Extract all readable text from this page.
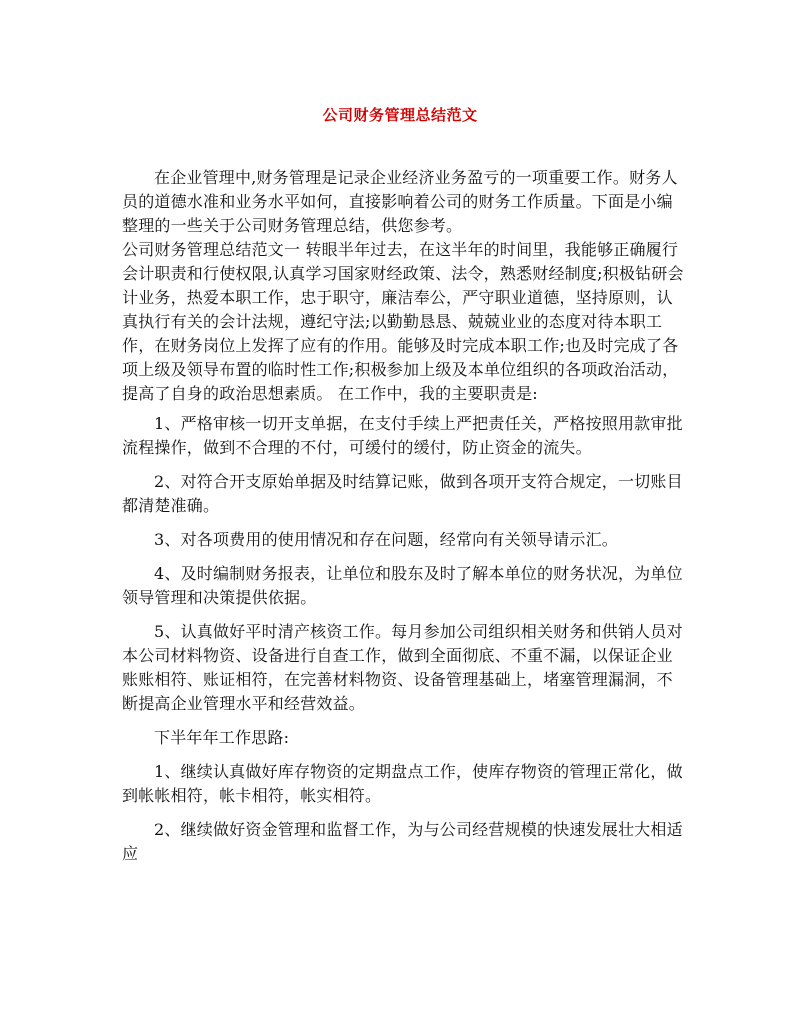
公司财务管理总结范文

在企业管理中,财务管理是记录企业经济业务盈亏的一项重要工作。财务人员的道德水准和业务水平如何，直接影响着公司的财务工作质量。下面是小编整理的一些关于公司财务管理总结，供您参考。

公司财务管理总结范文一 转眼半年过去，在这半年的时间里，我能够正确履行会计职责和行使权限,认真学习国家财经政策、法令，熟悉财经制度;积极钻研会计业务，热爱本职工作，忠于职守，廉洁奉公，严守职业道德，坚持原则，认真执行有关的会计法规，遵纪守法;以勤勤恳恳、兢兢业业的态度对待本职工作，在财务岗位上发挥了应有的作用。能够及时完成本职工作;也及时完成了各项上级及领导布置的临时性工作;积极参加上级及本单位组织的各项政治活动，提高了自身的政治思想素质。 在工作中，我的主要职责是:

1、严格审核一切开支单据，在支付手续上严把责任关，严格按照用款审批流程操作，做到不合理的不付，可缓付的缓付，防止资金的流失。

2、对符合开支原始单据及时结算记账，做到各项开支符合规定，一切账目都清楚准确。

3、对各项费用的使用情况和存在问题，经常向有关领导请示汇。

4、及时编制财务报表，让单位和股东及时了解本单位的财务状况，为单位领导管理和决策提供依据。

5、认真做好平时清产核资工作。每月参加公司组织相关财务和供销人员对本公司材料物资、设备进行自查工作，做到全面彻底、不重不漏，以保证企业账账相符、账证相符，在完善材料物资、设备管理基础上，堵塞管理漏洞，不断提高企业管理水平和经营效益。

下半年年工作思路:

1、继续认真做好库存物资的定期盘点工作，使库存物资的管理正常化，做到帐帐相符，帐卡相符，帐实相符。

2、继续做好资金管理和监督工作，为与公司经营规模的快速发展壮大相适应
